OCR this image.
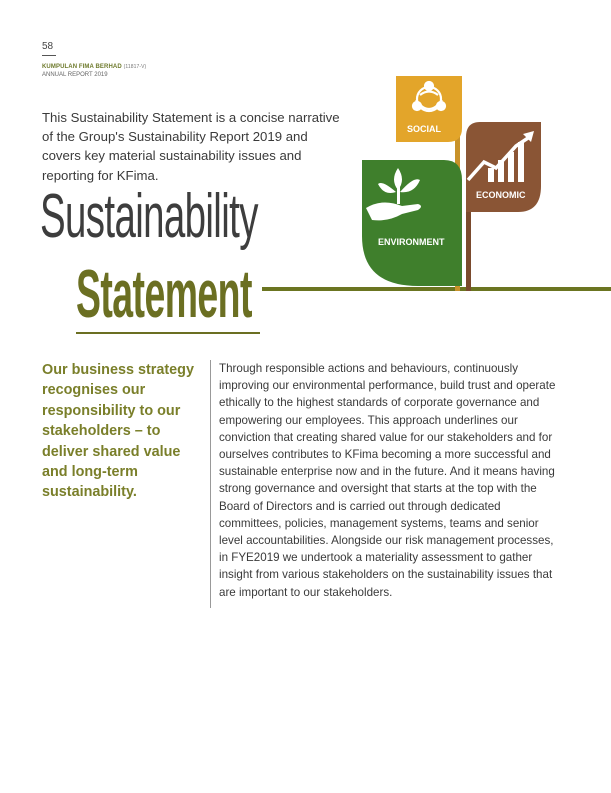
58
KUMPULAN FIMA BERHAD (11817-V)
ANNUAL REPORT 2019

This Sustainability Statement is a concise narrative of the Group's Sustainability Report 2019 and covers key material sustainability issues and reporting for KFima.

Sustainability
Statement
SOCIAL
ECONOMIC
ENVIRONMENT

Our business strategy recognises our responsibility to our stakeholders – to deliver shared value and long-term sustainability.

Through responsible actions and behaviours, continuously improving our environmental performance, build trust and operate ethically to the highest standards of corporate governance and empowering our employees. This approach underlines our conviction that creating shared value for our stakeholders and for ourselves contributes to KFima becoming a more successful and sustainable enterprise now and in the future. And it means having strong governance and oversight that starts at the top with the Board of Directors and is carried out through dedicated committees, policies, management systems, teams and senior level accountabilities. Alongside our risk management processes, in FYE2019 we undertook a materiality assessment to gather insight from various stakeholders on the sustainability issues that are important to our stakeholders.
